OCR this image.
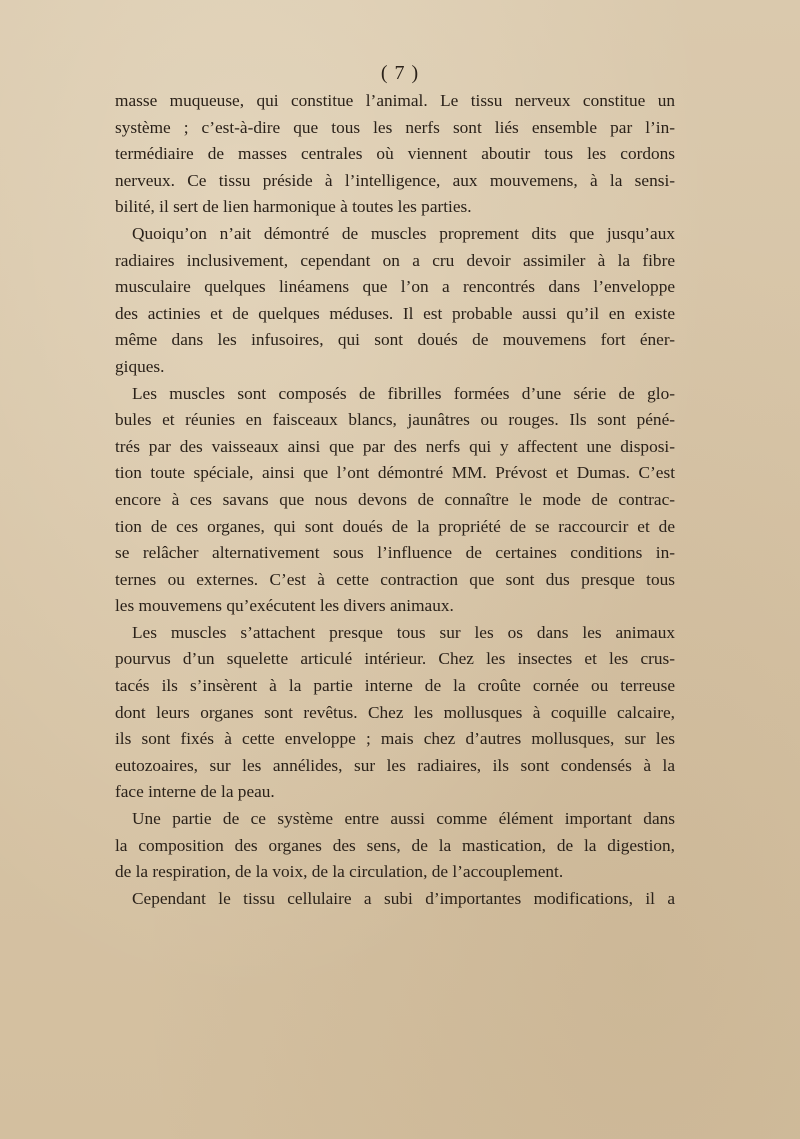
( 7 )
masse muqueuse, qui constitue l’animal. Le tissu nerveux constitue un
système ; c’est-à-dire que tous les nerfs sont liés ensemble par l’in-
termédiaire de masses centrales où viennent aboutir tous les cordons
nerveux. Ce tissu préside à l’intelligence, aux mouvemens, à la sensi-
bilité, il sert de lien harmonique à toutes les parties.
Quoiqu’on n’ait démontré de muscles proprement dits que jusqu’aux
radiaires inclusivement, cependant on a cru devoir assimiler à la fibre
musculaire quelques linéamens que l’on a rencontrés dans l’enveloppe
des actinies et de quelques méduses. Il est probable aussi qu’il en existe
même dans les infusoires, qui sont doués de mouvemens fort éner-
giques.
Les muscles sont composés de fibrilles formées d’une série de glo-
bules et réunies en faisceaux blancs, jaunâtres ou rouges. Ils sont péné-
trés par des vaisseaux ainsi que par des nerfs qui y affectent une disposi-
tion toute spéciale, ainsi que l’ont démontré MM. Prévost et Dumas. C’est
encore à ces savans que nous devons de connaître le mode de contrac-
tion de ces organes, qui sont doués de la propriété de se raccourcir et de
se relâcher alternativement sous l’influence de certaines conditions in-
ternes ou externes. C’est à cette contraction que sont dus presque tous
les mouvemens qu’exécutent les divers animaux.
Les muscles s’attachent presque tous sur les os dans les animaux
pourvus d’un squelette articulé intérieur. Chez les insectes et les crus-
tacés ils s’insèrent à la partie interne de la croûte cornée ou terreuse
dont leurs organes sont revêtus. Chez les mollusques à coquille calcaire,
ils sont fixés à cette enveloppe ; mais chez d’autres mollusques, sur les
eutozoaires, sur les annélides, sur les radiaires, ils sont condensés à la
face interne de la peau.
Une partie de ce système entre aussi comme élément important dans
la composition des organes des sens, de la mastication, de la digestion,
de la respiration, de la voix, de la circulation, de l’accouplement.
Cependant le tissu cellulaire a subi d’importantes modifications, il a
